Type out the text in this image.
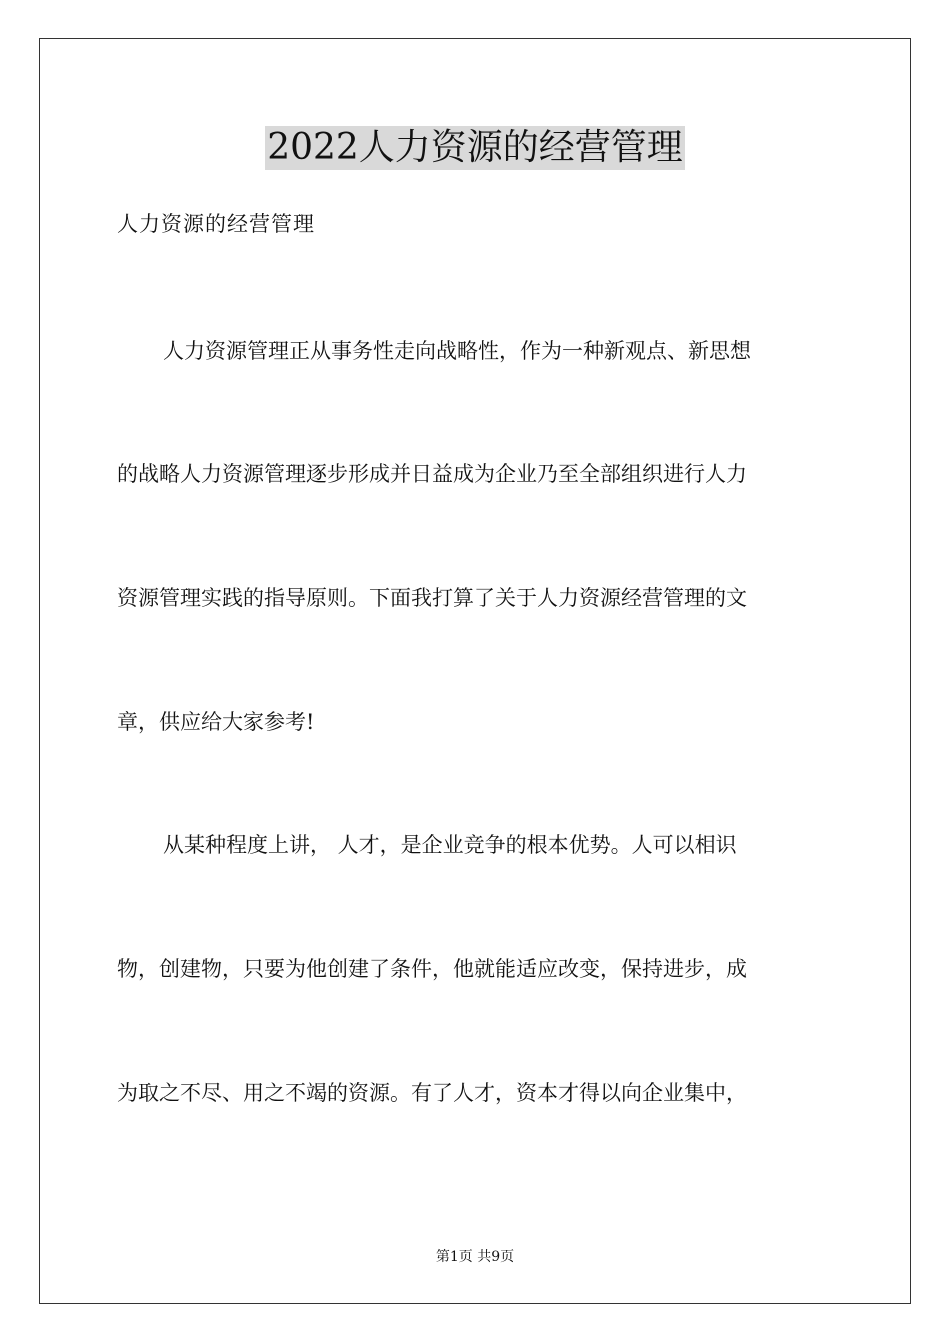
2022人力资源的经营管理
人力资源的经营管理
人力资源管理正从事务性走向战略性，作为一种新观点、新思想
的战略人力资源管理逐步形成并日益成为企业乃至全部组织进行人力
资源管理实践的指导原则。下面我打算了关于人力资源经营管理的文
章，供应给大家参考!
从某种程度上讲， 人才，是企业竞争的根本优势。人可以相识
物，创建物，只要为他创建了条件，他就能适应改变，保持进步，成
为取之不尽、用之不竭的资源。有了人才，资本才得以向企业集中，
第1页 共9页
